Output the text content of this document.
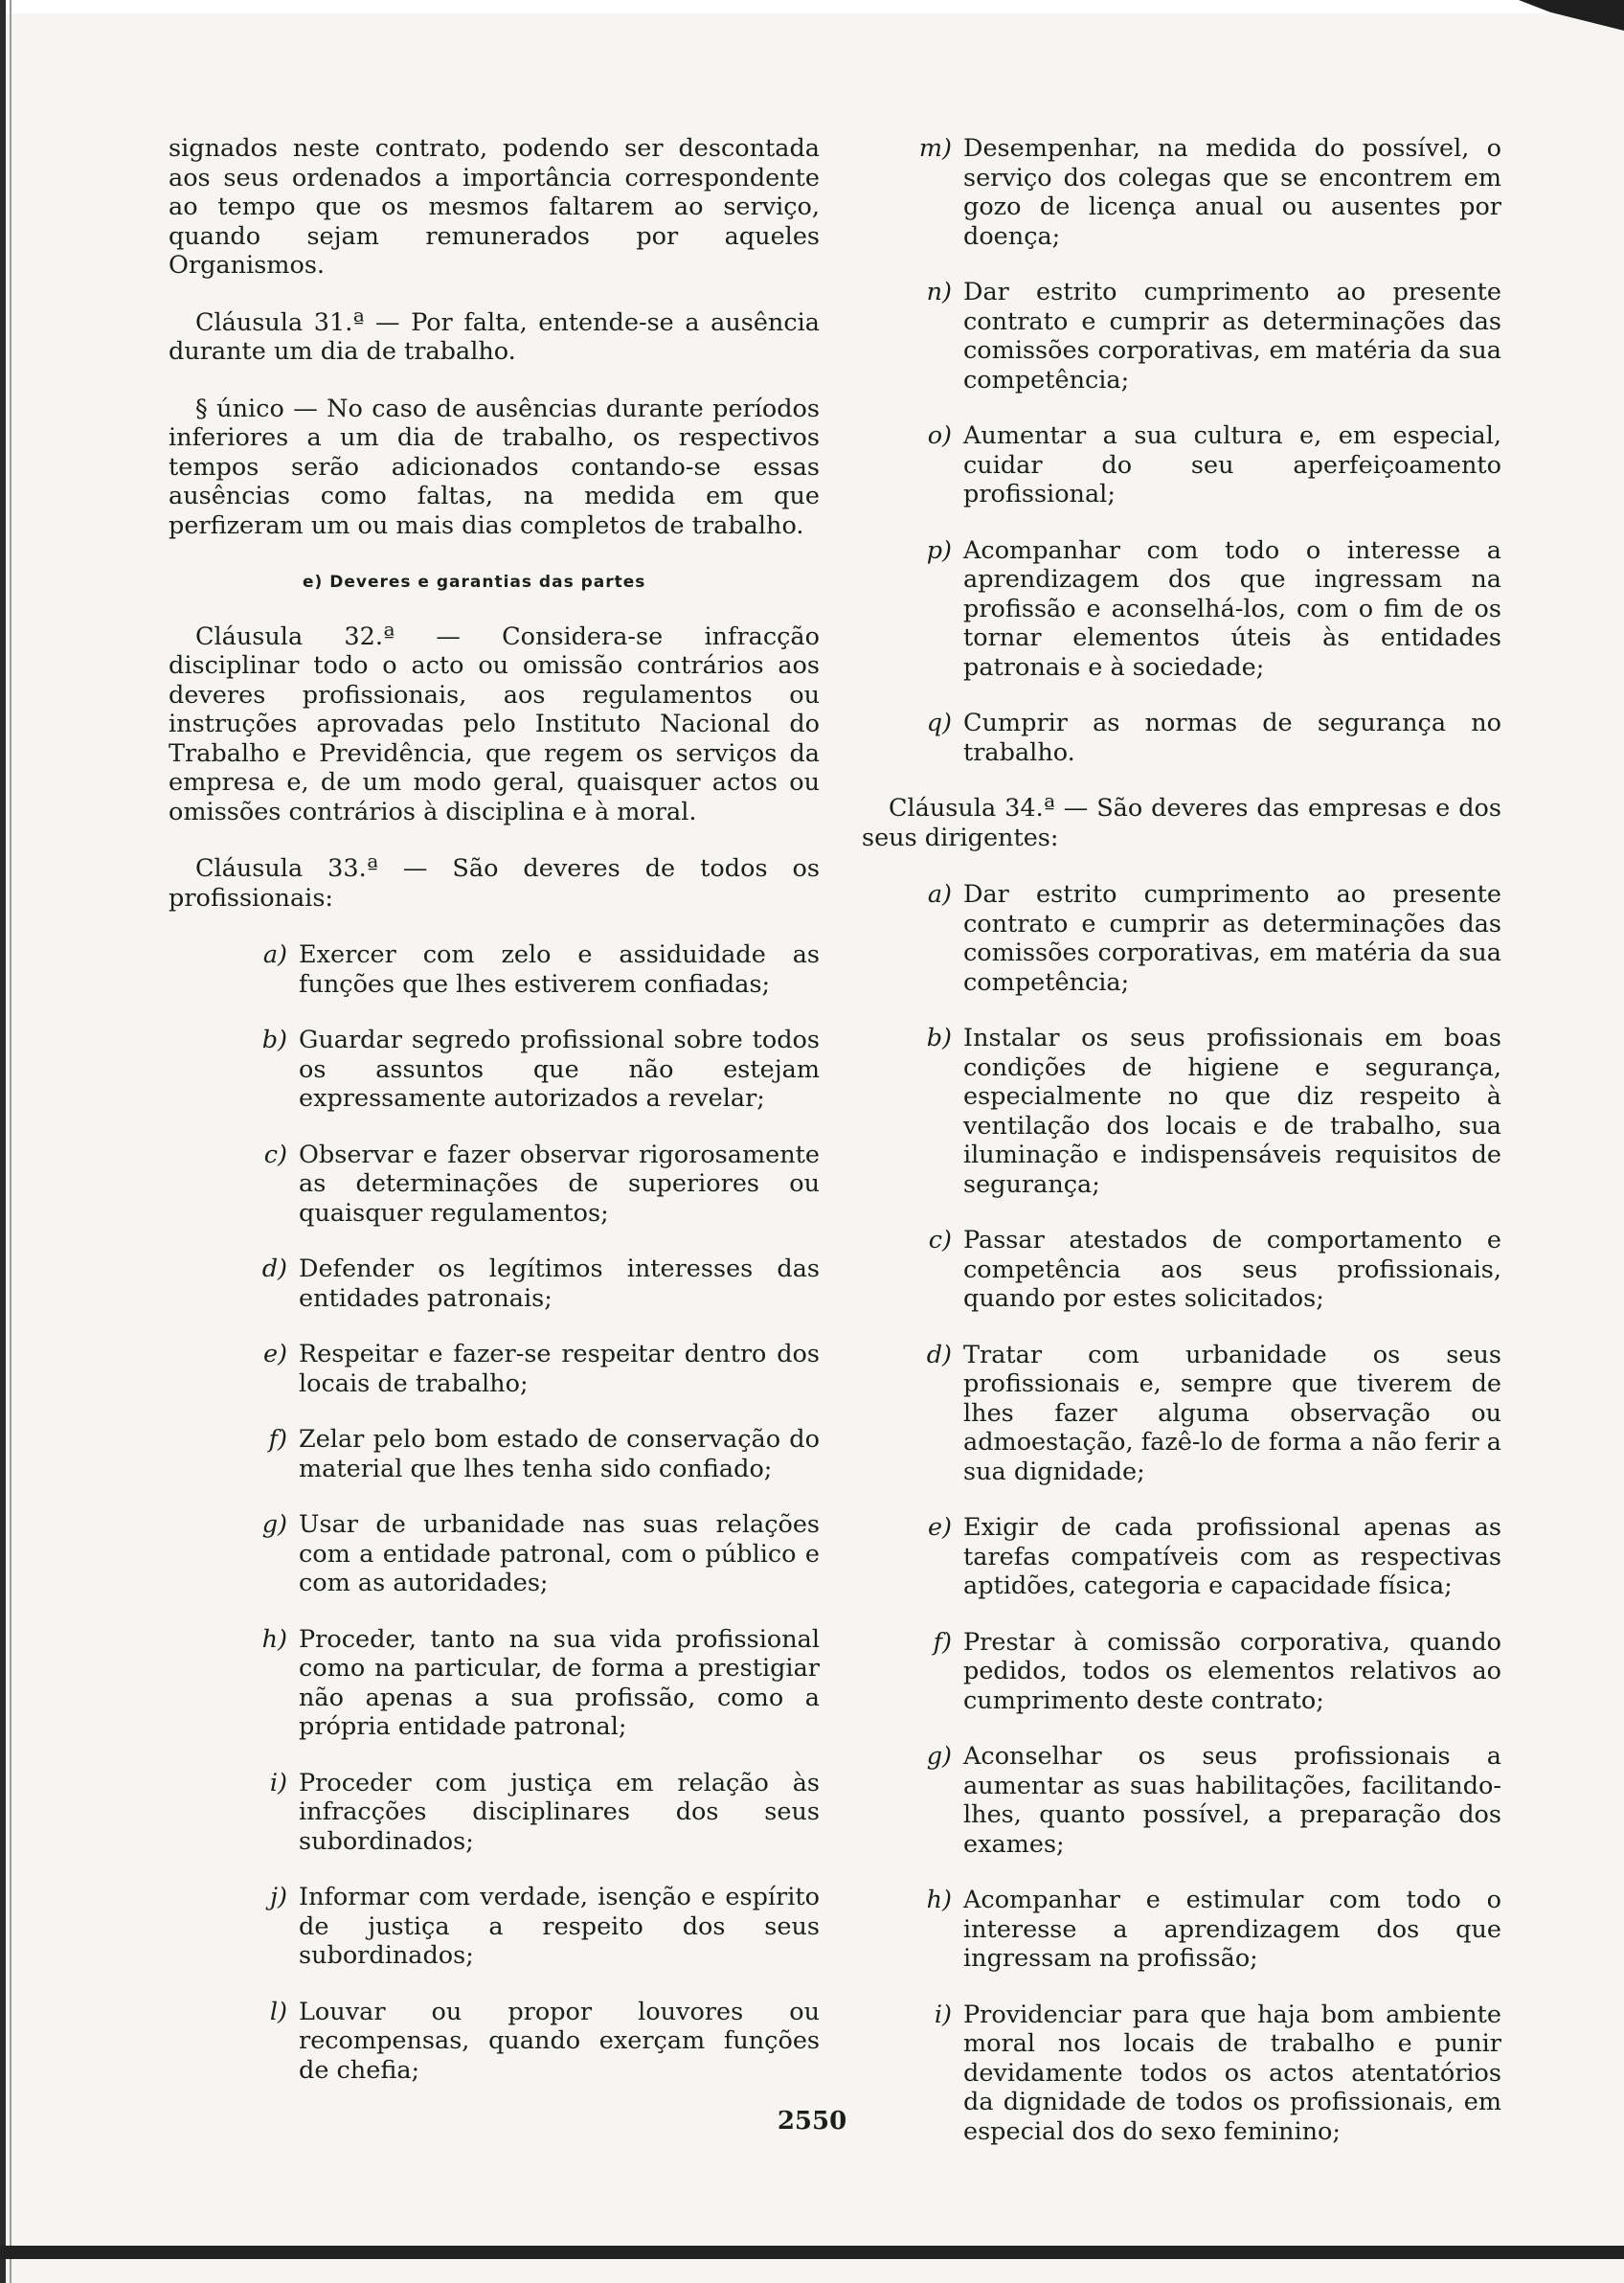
signados neste contrato, podendo ser descontada aos seus ordenados a importância correspondente ao tempo que os mesmos faltarem ao serviço, quando sejam remunerados por aqueles Organismos.

Cláusula 31.ª — Por falta, entende-se a ausência durante um dia de trabalho.

§ único — No caso de ausências durante períodos inferiores a um dia de trabalho, os respectivos tempos serão adicionados contando-se essas ausências como faltas, na medida em que perfizeram um ou mais dias completos de trabalho.

e) Deveres e garantias das partes

Cláusula 32.ª — Considera-se infracção disciplinar todo o acto ou omissão contrários aos deveres profissionais, aos regulamentos ou instruções aprovadas pelo Instituto Nacional do Trabalho e Previdência, que regem os serviços da empresa e, de um modo geral, quaisquer actos ou omissões contrários à disciplina e à moral.

Cláusula 33.ª — São deveres de todos os profissionais:

a) Exercer com zelo e assiduidade as funções que lhes estiverem confiadas;
b) Guardar segredo profissional sobre todos os assuntos que não estejam expressamente autorizados a revelar;
c) Observar e fazer observar rigorosamente as determinações de superiores ou quaisquer regulamentos;
d) Defender os legítimos interesses das entidades patronais;
e) Respeitar e fazer-se respeitar dentro dos locais de trabalho;
f) Zelar pelo bom estado de conservação do material que lhes tenha sido confiado;
g) Usar de urbanidade nas suas relações com a entidade patronal, com o público e com as autoridades;
h) Proceder, tanto na sua vida profissional como na particular, de forma a prestigiar não apenas a sua profissão, como a própria entidade patronal;
i) Proceder com justiça em relação às infracções disciplinares dos seus subordinados;
j) Informar com verdade, isenção e espírito de justiça a respeito dos seus subordinados;
l) Louvar ou propor louvores ou recompensas, quando exerçam funções de chefia;
m) Desempenhar, na medida do possível, o serviço dos colegas que se encontrem em gozo de licença anual ou ausentes por doença;
n) Dar estrito cumprimento ao presente contrato e cumprir as determinações das comissões corporativas, em matéria da sua competência;
o) Aumentar a sua cultura e, em especial, cuidar do seu aperfeiçoamento profissional;
p) Acompanhar com todo o interesse a aprendizagem dos que ingressam na profissão e aconselhá-los, com o fim de os tornar elementos úteis às entidades patronais e à sociedade;
q) Cumprir as normas de segurança no trabalho.

Cláusula 34.ª — São deveres das empresas e dos seus dirigentes:

a) Dar estrito cumprimento ao presente contrato e cumprir as determinações das comissões corporativas, em matéria da sua competência;
b) Instalar os seus profissionais em boas condições de higiene e segurança, especialmente no que diz respeito à ventilação dos locais e de trabalho, sua iluminação e indispensáveis requisitos de segurança;
c) Passar atestados de comportamento e competência aos seus profissionais, quando por estes solicitados;
d) Tratar com urbanidade os seus profissionais e, sempre que tiverem de lhes fazer alguma observação ou admoestação, fazê-lo de forma a não ferir a sua dignidade;
e) Exigir de cada profissional apenas as tarefas compatíveis com as respectivas aptidões, categoria e capacidade física;
f) Prestar à comissão corporativa, quando pedidos, todos os elementos relativos ao cumprimento deste contrato;
g) Aconselhar os seus profissionais a aumentar as suas habilitações, facilitando-lhes, quanto possível, a preparação dos exames;
h) Acompanhar e estimular com todo o interesse a aprendizagem dos que ingressam na profissão;
i) Providenciar para que haja bom ambiente moral nos locais de trabalho e punir devidamente todos os actos atentatórios da dignidade de todos os profissionais, em especial dos do sexo feminino;
2550
